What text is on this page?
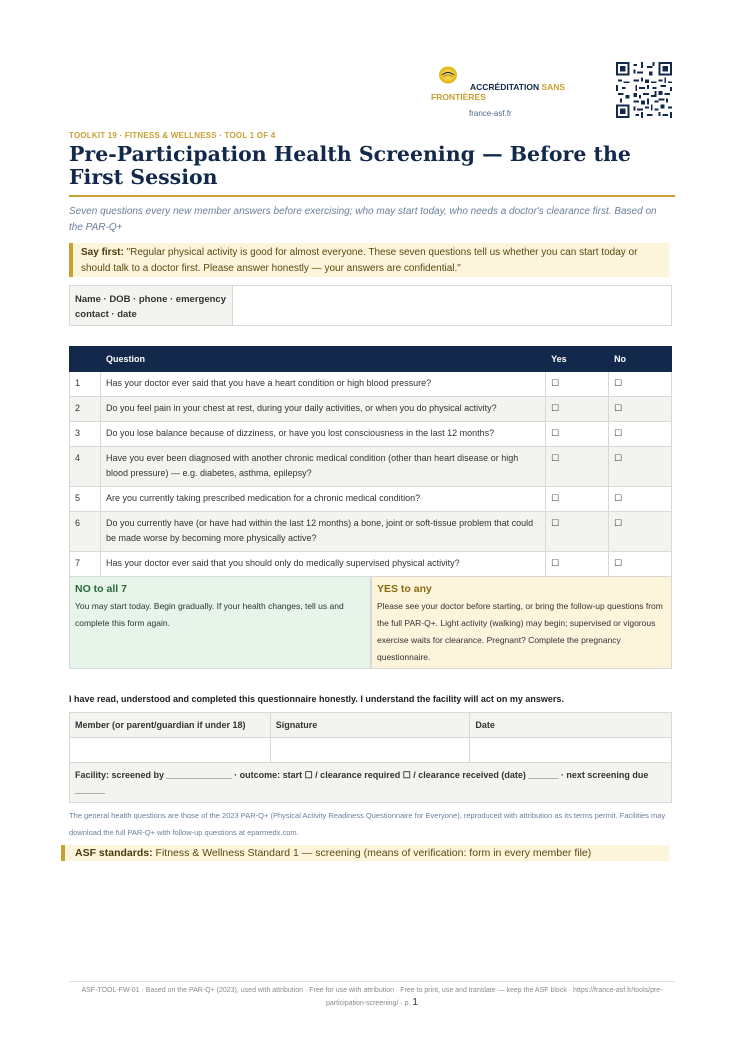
ACCRÉDITATION SANS
FRONTIÈRES
france-asf.fr
TOOLKIT 19 · FITNESS & WELLNESS · TOOL 1 OF 4
Pre-Participation Health Screening — Before the First Session

Seven questions every new member answers before exercising; who may start today, who needs a doctor's clearance first. Based on the PAR-Q+

Say first: "Regular physical activity is good for almost everyone. These seven questions tell us whether you can start today or should talk to a doctor first. Please answer honestly — your answers are confidential."
Name · DOB · phone · emergency contact · date
	Question	Yes	No
1	Has your doctor ever said that you have a heart condition or high blood pressure?	☐	☐
2	Do you feel pain in your chest at rest, during your daily activities, or when you do physical activity?	☐	☐
3	Do you lose balance because of dizziness, or have you lost consciousness in the last 12 months?	☐	☐
4	Have you ever been diagnosed with another chronic medical condition (other than heart disease or high blood pressure) — e.g. diabetes, asthma, epilepsy?	☐	☐
5	Are you currently taking prescribed medication for a chronic medical condition?	☐	☐
6	Do you currently have (or have had within the last 12 months) a bone, joint or soft-tissue problem that could be made worse by becoming more physically active?	☐	☐
7	Has your doctor ever said that you should only do medically supervised physical activity?	☐	☐
NO to all 7

You may start today. Begin gradually. If your health changes, tell us and complete this form again.

YES to any

Please see your doctor before starting, or bring the follow-up questions from the full PAR-Q+. Light activity (walking) may begin; supervised or vigorous exercise waits for clearance. Pregnant? Complete the pregnancy questionnaire.

I have read, understood and completed this questionnaire honestly. I understand the facility will act on my answers.
Member (or parent/guardian if under 18)	Signature	Date

Facility: screened by _____________ · outcome: start ☐ / clearance required ☐ / clearance received (date) ______ · next screening due ______		

The general health questions are those of the 2023 PAR-Q+ (Physical Activity Readiness Questionnaire for Everyone), reproduced with attribution as its terms permit. Facilities may download the full PAR-Q+ with follow-up questions at eparmedx.com.

ASF standards: Fitness & Wellness Standard 1 — screening (means of verification: form in every member file)
ASF-TOOL-FW-01 · Based on the PAR-Q+ (2023), used with attribution · Free for use with attribution · Free to print, use and translate — keep the ASF block · https://france-asf.fr/tools/pre-participation-screening/ · p. 1
